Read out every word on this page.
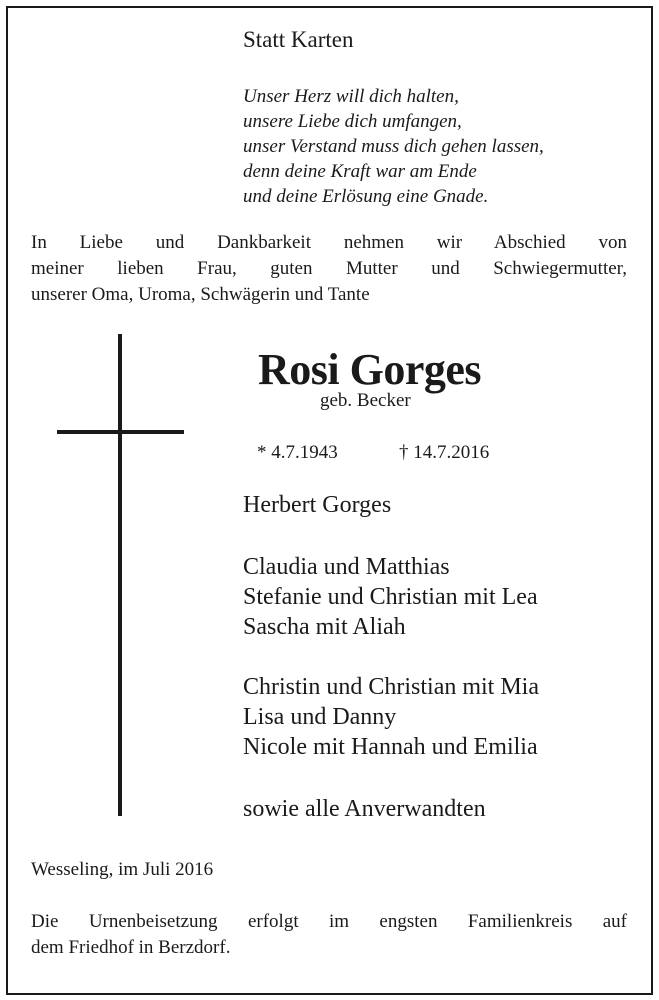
Statt Karten
Unser Herz will dich halten,
unsere Liebe dich umfangen,
unser Verstand muss dich gehen lassen,
denn deine Kraft war am Ende
und deine Erlösung eine Gnade.
In Liebe und Dankbarkeit nehmen wir Abschied von
meiner lieben Frau, guten Mutter und Schwiegermutter,
unserer Oma, Uroma, Schwägerin und Tante
Rosi Gorges
geb. Becker
* 4.7.1943	† 14.7.2016
Herbert Gorges
Claudia und Matthias
Stefanie und Christian mit Lea
Sascha mit Aliah
Christin und Christian mit Mia
Lisa und Danny
Nicole mit Hannah und Emilia
sowie alle Anverwandten
Wesseling, im Juli 2016
Die Urnenbeisetzung erfolgt im engsten Familienkreis auf
dem Friedhof in Berzdorf.
